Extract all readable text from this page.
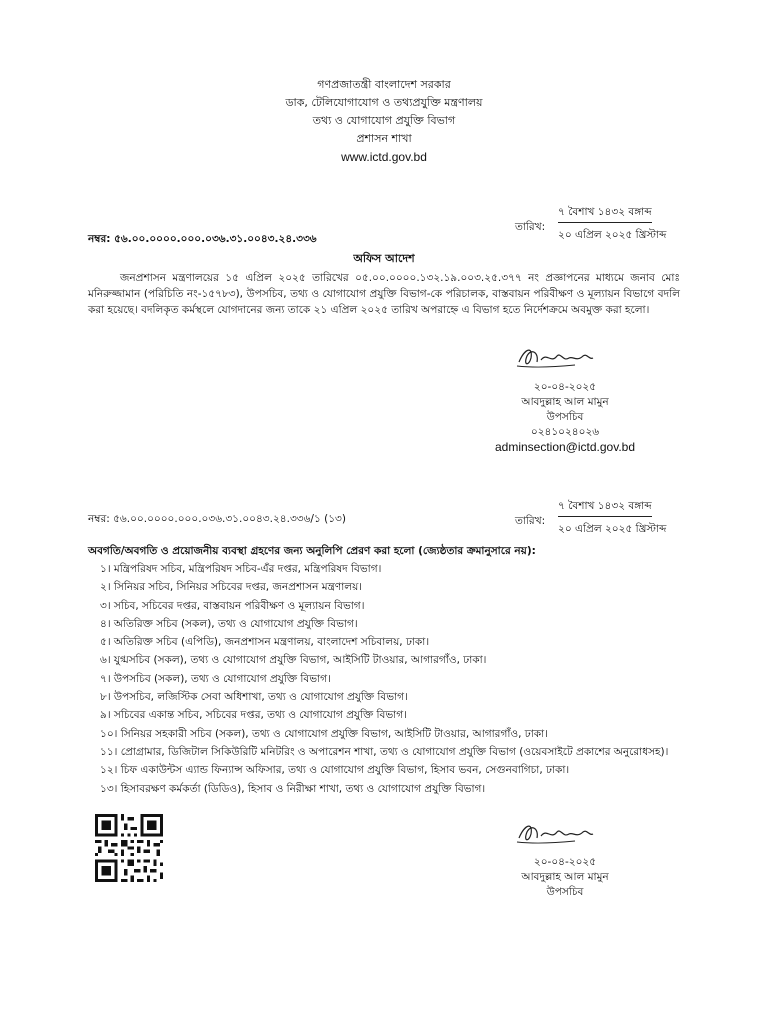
গণপ্রজাতন্ত্রী বাংলাদেশ সরকার
ডাক, টেলিযোগাযোগ ও তথ্যপ্রযুক্তি মন্ত্রণালয়
তথ্য ও যোগাযোগ প্রযুক্তি বিভাগ
প্রশাসন শাখা
www.ictd.gov.bd
তারিখ:
৭ বৈশাখ ১৪৩২ বঙ্গাব্দ
২০ এপ্রিল ২০২৫ খ্রিস্টাব্দ
নম্বর: ৫৬.০০.০০০০.০০০.০৩৬.৩১.০০৪৩.২৪.৩৩৬
অফিস আদেশ
জনপ্রশাসন মন্ত্রণালয়ের ১৫ এপ্রিল ২০২৫ তারিখের ০৫.০০.০০০০.১৩২.১৯.০০৩.২৫.৩৭৭ নং প্রজ্ঞাপনের মাধ্যমে জনাব মোঃ মনিরুজ্জামান (পরিচিতি নং-১৫৭৮৩), উপসচিব, তথ্য ও যোগাযোগ প্রযুক্তি বিভাগ-কে পরিচালক, বাস্তবায়ন পরিবীক্ষণ ও মূল্যায়ন বিভাগে বদলি করা হয়েছে। বদলিকৃত কর্মস্থলে যোগদানের জন্য তাকে ২১ এপ্রিল ২০২৫ তারিখ অপরাহ্নে এ বিভাগ হতে নির্দেশক্রমে অবমুক্ত করা হলো।
২০-০৪-২০২৫
আবদুল্লাহ আল মামুন
উপসচিব
০২৪১০২৪০২৬
adminsection@ictd.gov.bd
তারিখ:
৭ বৈশাখ ১৪৩২ বঙ্গাব্দ
২০ এপ্রিল ২০২৫ খ্রিস্টাব্দ
নম্বর: ৫৬.০০.০০০০.০০০.০৩৬.৩১.০০৪৩.২৪.৩৩৬/১ (১৩)
অবগতি/অবগতি ও প্রয়োজনীয় ব্যবস্থা গ্রহণের জন্য অনুলিপি প্রেরণ করা হলো (জ্যেষ্ঠতার ক্রমানুসারে নয়):
১। মন্ত্রিপরিষদ সচিব, মন্ত্রিপরিষদ সচিব-এঁর দপ্তর, মন্ত্রিপরিষদ বিভাগ।
২। সিনিয়র সচিব, সিনিয়র সচিবের দপ্তর, জনপ্রশাসন মন্ত্রণালয়।
৩। সচিব, সচিবের দপ্তর, বাস্তবায়ন পরিবীক্ষণ ও মূল্যায়ন বিভাগ।
৪। অতিরিক্ত সচিব (সকল), তথ্য ও যোগাযোগ প্রযুক্তি বিভাগ।
৫। অতিরিক্ত সচিব (এপিডি), জনপ্রশাসন মন্ত্রণালয়, বাংলাদেশ সচিবালয়, ঢাকা।
৬। যুগ্মসচিব (সকল), তথ্য ও যোগাযোগ প্রযুক্তি বিভাগ, আইসিটি টাওয়ার, আগারগাঁও, ঢাকা।
৭। উপসচিব (সকল), তথ্য ও যোগাযোগ প্রযুক্তি বিভাগ।
৮। উপসচিব, লজিস্টিক সেবা অধিশাখা, তথ্য ও যোগাযোগ প্রযুক্তি বিভাগ।
৯। সচিবের একান্ত সচিব, সচিবের দপ্তর, তথ্য ও যোগাযোগ প্রযুক্তি বিভাগ।
১০। সিনিয়র সহকারী সচিব (সকল), তথ্য ও যোগাযোগ প্রযুক্তি বিভাগ, আইসিটি টাওয়ার, আগারগাঁও, ঢাকা।
১১। প্রোগ্রামার, ডিজিটাল সিকিউরিটি মনিটরিং ও অপারেশন শাখা, তথ্য ও যোগাযোগ প্রযুক্তি বিভাগ (ওয়েবসাইটে প্রকাশের অনুরোধসহ)।
১২। চিফ একাউন্টস এ্যান্ড ফিন্যান্স অফিসার, তথ্য ও যোগাযোগ প্রযুক্তি বিভাগ, হিসাব ভবন, সেগুনবাগিচা, ঢাকা।
১৩। হিসাবরক্ষণ কর্মকর্তা (ডিডিও), হিসাব ও নিরীক্ষা শাখা, তথ্য ও যোগাযোগ প্রযুক্তি বিভাগ।
২০-০৪-২০২৫
আবদুল্লাহ আল মামুন
উপসচিব
